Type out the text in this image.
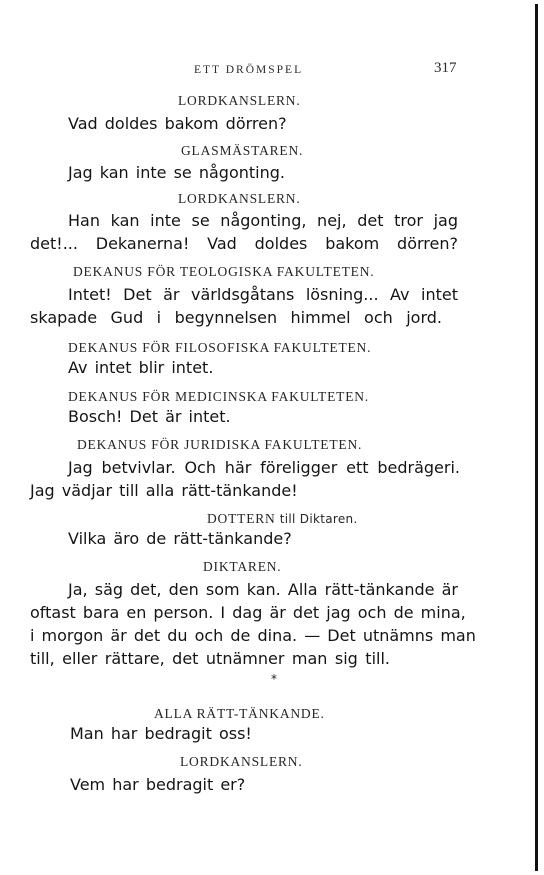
ETT DRÖMSPEL	317
LORDKANSLERN.
Vad doldes bakom dörren?
GLASMÄSTAREN.
Jag kan inte se någonting.
LORDKANSLERN.
Han kan inte se någonting, nej, det tror jag
det!... Dekanerna! Vad doldes bakom dörren?
DEKANUS FÖR TEOLOGISKA FAKULTETEN.
Intet! Det är världsgåtans lösning... Av intet
skapade Gud i begynnelsen himmel och jord.
DEKANUS FÖR FILOSOFISKA FAKULTETEN.
Av intet blir intet.
DEKANUS FÖR MEDICINSKA FAKULTETEN.
Bosch! Det är intet.
DEKANUS FÖR JURIDISKA FAKULTETEN.
Jag betvivlar. Och här föreligger ett bedrägeri.
Jag vädjar till alla rätt-tänkande!
DOTTERN till Diktaren.
Vilka äro de rätt-tänkande?
DIKTAREN.
Ja, säg det, den som kan. Alla rätt-tänkande är
oftast bara en person. I dag är det jag och de mina,
i morgon är det du och de dina. — Det utnämns man
till, eller rättare, det utnämner man sig till.
*
ALLA RÄTT-TÄNKANDE.
Man har bedragit oss!
LORDKANSLERN.
Vem har bedragit er?
